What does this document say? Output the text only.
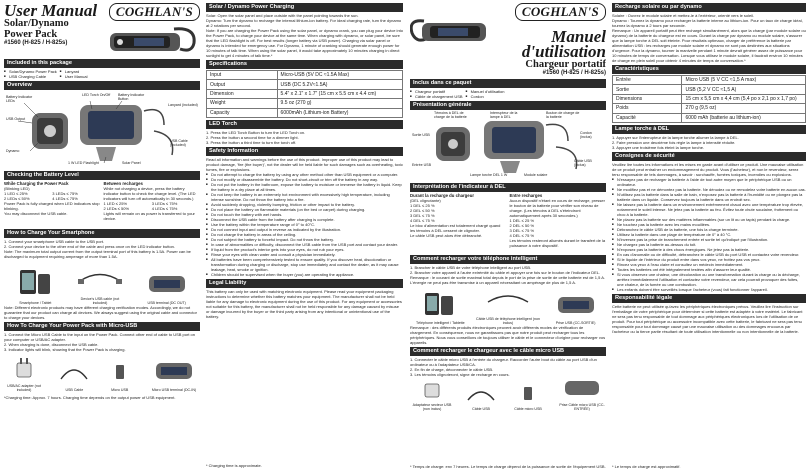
User Manual
Solar/Dynamo
Power Pack
#1560 (H-825 / H-825s)
COGHLAN'S
Included in this package
■ Solar/Dynamo Power Pack
■ USB Charging Cable
■ Lanyard
■ User Manual
Overview
Battery Indicator LEDs
USB Output
LED Torch On/Off	Battery Indicator Button
Lanyard (included)
Dynamo
1 W LED Flashlight
USB Cable (included)
Solar Panel
Checking the Battery Level
While Charging the Power Pack
(Blinking LED)
1 LED ≤ 25%	3 LEDs ≤ 75%
2 LEDs ≤ 50%	4 LEDs ≤ 75%
Power Pack is fully charged when LED indicators stop blinking.
You may disconnect the USB cable.
Between recharges
While not charging a device, press the battery indicator button to check the charge level. (The LED indicators will turn off automatically in 30 seconds.)
1 LED ≤ 25%	3 LEDs ≤ 75%
2 LEDs ≤ 50%	4 LEDs ≤ 75%
Lights will remain on as power is transferred to your device.
How to Charge Your Smartphone
1. Connect your smartphone USB cable to the USB port.
2. Connect your device to the other end of the cable and press once on the LED indicator button.
Note: The maximum total output current from the output terminal port of this battery is 1.5A. Power can be discharged to equipment requiring amperage of more than 1.5A.
Smartphone / Tablet
Device's USB cable (not included)	USB terminal (DC OUT)
Note: Different electronic products may have different charging verification modes. Accordingly, we do not guarantee that our product can charge all devices. We always suggest using the original cable and connector to charge your devices.
How To Charge Your Power Pack with Micro-USB
1. Connect the Micro USB Cable to the input on the Power Pack. Connect other end of cable to USB port on your computer or USB/AC adapter.
2. When charging is done, disconnect the USB cable.
3. Indicator lights will blink, showing that the Power Pack is charging.
USB/AC adapter (not included)	USB Cable	Micro USB	Micro USB terminal (DC-IN)
*Charging time: Approx. 7 hours. Charging time depends on the output power of USB equipment.
Solar / Dynamo Power Charging
Solar: Open the solar panel and place outside with the panel pointing towards the sun.
Dynamo: Turn the dynamo to recharge the internal lithium-ion battery. For ideal charging rate, turn the dynamo at 2 rotations per second.
Note: If you are charging the Power Pack using the solar panel, or dynamo crank, you can plug your device into the Power Pack, to charge your device at the same time. When charging with dynamo, or solar panel, be sure that the LED flashlight is off. For best results (longer battery via USB power). Charging via solar panel or dynamo is intended for emergency use. For Dynamo, 1 minute of cranking should generate enough power for 10 minutes of talk time. When using the solar panel, it would take approximately 10 minutes charging in direct sunlight to get 4 minutes of talk time.*
Specifications
Input	Micro-USB (5V DC ≈1.5A Max)
Output	USB (DC 5.2V≈1.5A)
Dimension	5.4" x 2.1" x 1.7" (15 cm x 5.5 cm x 4.4 cm)
Weight	9.5 oz (270 g)
Capacity	6000mAh (Lithium-ion Battery)
LED Torch
1. Press the LED Torch Button to turn the LED Torch on.
2. Press the button a second time for a dimmer light.
3. Press the button a third time to turn the torch off.
Safety Information
Read all information and warnings before the use of this product. Improper use of this product may lead to product damage, 'fire (the buyer)', not the dealer will be held liable for such damages such as overheating, toxic fumes, fire or explosions.
■ Do not attempt to charge the battery by using any other method other than USB equipment or a computer.
■ Do not modify or disassemble the battery. Do not short-circuit or trim off the battery in any way.
■ Do not put the battery in the bathroom, expose the battery to moisture or immerse the battery in liquid. Keep the battery in a dry place at all times.
■ Do not keep the battery in an extremely hot environment with excessively high temperature, including intense sunshine. Do not throw the battery into a fire.
■ Avoid suddenly dropping, violently bumping, friction or other impact to the battery.
■ Do not place the battery on flammable materials (on the bed or carpet) during charging.
■ Do not touch the battery with wet hands.
■ Disconnect the USB cable from the battery after charging is complete.
■ Use the battery within the temperature range of 0° to 40°C.
■ Do not connect input and output in reverse as indicated by the illustration.
■ Do not charge the battery in areas of the ceiling.
■ Do not subject the battery to forceful impact. Do not throw the battery.
■ In case of abnormalities or difficulty, disconnect the USB cable from the USB port and contact your dealer.
■ If liquid from the product's interior gets into your eyes, do not rub your eyes.
■ Rinse your eyes with clean water and consult a physician immediately.
■ All batteries have been comprehensively tested to ensure quality. If you discover heat, discoloration or transformation during charging or discharge, stop use immediately and contact the dealer, as it may cause leakage, heat, smoke or ignition.
■ Children should be supervised when the buyer (you) are operating the appliance.
Legal Liability
This battery can only be used with matching electronic equipment. Please read your equipment packaging instructions to determine whether this battery matches your equipment. The manufacturer shall not be held liable for any damage to electronic equipment during the use of this product. For any equipment or accessories not suitable for this battery, the manufacturer shall not be held responsible for any damage caused by misuse or damage incurred by the buyer or the third party arising from any intentional or unintentional use of the battery.
* Charging time is approximate.
COGHLAN'S
Manuel
d'utilisation
Chargeur portatif
#1560 (H-825 / H-825s)
Inclus dans ce paquet
■ Chargeur portatif
■ Câble de chargement USB
■ Manuel d'utilisation
■ Cordon
Présentation générale
Témoins à DEL de charge de la batterie
Interrupteur de la lampe à DEL
Bouton de charge de la batterie
Sortie USB	Cordon (inclus)
Câble USB (inclus)
Entrée USB
Lampe torche DEL 1 W	Module solaire
Interprétation de l'indicateur à DEL
Durant la recharge du chargeur
(DEL clignotante)
1 DEL ≤ 25 %
2 DEL ≤ 50 %
3 DEL ≤ 75 %
4 DEL ≤ 75 %
Le bloc d'alimentation est totalement chargé quand les témoins à DEL cessent de clignoter.
Le câble USB peut alors être débranché.
Entre recharges
Aucun dispositif n'étant en cours de recharge, presser le bouton de la batterie pour vérifier son niveau de charge. (Les témoins à DEL s'éteindront automatiquement après 30 secondes.)
1 DEL ≤ 25 %
2 DEL ≤ 50 %
3 DEL ≤ 75 %
4 DEL ≤ 75 %
Les témoins resteront allumés durant le transfert de la puissance à votre dispositif.
Comment recharger votre téléphone intelligent
1. Brancher le câble USB de votre téléphone intelligent au port USB.
2. Brancher votre appareil à l'autre extrémité du câble et appuyer une fois sur le bouton de l'indicateur DEL.
Remarque : le courant de sortie maximal total depuis le port de la prise de sortie de cette batterie est de 1,5 A. L'énergie ne peut pas être transmise à un appareil nécessitant un ampérage de plus de 1,5 A.
Téléphone intelligent / Tablette
Câble USB de téléphone intelligent (non inclus)	Prise USB (CC-SORTIE)
Remarque : des différents produits électroniques peuvent avoir différents modes de vérification de chargement. En conséquence, nous ne garantissons pas que notre produit peut recharger tous les périphériques. Nous vous conseillons de toujours utiliser le câble et le connecteur d'origine pour recharger vos appareils.
Comment recharger le chargeur avec le câble micro USB
1. Connecter le câble micro USB à l'entrée du chargeur. Raccorder l'autre bout du câble au port USB d'un ordinateur ou à l'adaptateur USB/CA.
2. En fin de charge, déconnecter le câble USB.
3. Les témoins clignoteront, signe de recharge en cours.
Adaptateur secteur USB (non inclus)	Câble USB	Câble micro USB
Prise Câble micro USB (CC-ENTRÉE)
* Temps de charge: env 7 heures. Le temps de charge dépend de la puissance de sortie de l'équipement USB.
Recharge solaire ou par dynamo
Solaire : Ouvrez le module solaire et mettez-le à l'extérieur, orienté vers le soleil.
Dynamo : Tournez la dynamo pour recharger la batterie interne au lithium-ion. Pour un taux de charge idéal, tournez la dynamo à 2 tours par seconde.
Remarque : Un appareil portatif peut être rechargé simultanément, alors que la charge (par module solaire ou dynamo) de la batterie du chargeur est en cours. Durant la charge par dynamo ou module solaire, s'assurer que la lampe torche à DEL soit éteinte. Pour résultats optimaux, charger de préférence la batterie par alimentation USB : les recharges par module solaire et dynamo ne sont pas destinées aux situations d'urgence. Pour la dynamo, tourner la manivelle pendant 1 minute devrait générer assez de puissance pour 10 minutes de temps de conversation. Lorsque vous utilisez le module solaire, il faudrait environ 10 minutes de charge en plein soleil pour obtenir 4 minutes de temps de conversation.*
Caractéristiques
Entrée	Micro USB (5 V CC ≈1,5 A max)
Sortie	USB (5,2 V CC ≈1,5 A)
Dimensions	15 cm x 5,5 cm x 4,4 cm (5,4 po x 2,1 po x 1,7 po)
Poids	270 g (9,5 oz)
Capacité	6000 mAh (batterie au lithium-ion)
Lampe torche à DEL
1. Appuyer sur l'interrupteur de la lampe torche allumer la lampe à DEL.
2. Faire pression une deuxième fois régle la lampe à intensité réduite.
3. Appuyer une troisième fois éteint la lampe torche.
Consignes de sécurité
Veuillez lire toutes les informations et les mises en garde avant d'utiliser ce produit. Une mauvaise utilisation de ce produit peut entraîner un endommagement du produit. Vous (l'acheteur), et non le revendeur, serez tenu responsable de tels dommages, à savoir : surchauffe, fumées toxiques, incendies ou explosions.
■ N'essayez pas de recharger la batterie à l'aide de tout autre moyen que le périphérique USB ou un ordinateur.
■ Ne modifiez pas et ne démontez pas la batterie. Ne dénudez ou ne remodelez votre batterie en aucun cas.
■ N'utilisez pas la batterie dans la salle de bain, n'exposez pas la batterie à l'humidité ou ne plongez pas la batterie dans un liquide. Conservez toujours la batterie dans un endroit sec.
■ Ne laissez pas la batterie dans un environnement extrêmement chaud avec une température trop élevée, notamment le soleil intense. Ne jetez pas la batterie au feu. Évitez toute chute soudaine, frottement ou choc à la batterie.
■ Ne placez pas la batterie sur des matières inflammables (sur un lit ou un tapis) pendant la charge.
■ Ne touchez pas la batterie avec les mains mouillées.
■ Débranchez le câble USB de la batterie, une fois la charge terminée.
■ Utilisez la batterie dans une plage de température de 0° à 40 °C.
■ N'inversez pas la prise de branchement entrée et sortie tel qu'indiqué par l'illustration.
■ Ne chargez pas la batterie au-dessus du toit.
■ N'exposez pas la batterie à des chocs énergiques. Ne jetez pas la batterie.
■ En cas d'anomalie ou de difficulté, débranchez le câble USB du port USB et contactez votre revendeur.
■ Si le liquide de l'intérieur du produit entre dans vos yeux, ne frottez pas vos yeux.
■ Rincez vos yeux à l'eau claire et consultez un médecin immédiatement.
■ Toutes les batteries ont été intégralement testées afin d'assurer leur qualité.
■ Si vous observez une chaleur, une décoloration ou une transformation durant la charge ou la décharge, arrêtez immédiatement l'utilisation et contactez votre revendeur, car cela pourrait provoquer des fuites, une chaleur, de la fumée ou une combustion.
■ Les enfants doivent être surveillés lorsque l'acheteur (vous) fait fonctionner l'appareil.
Responsabilité légale
Cette batterie ne peut utilisée qu'avec les périphériques électroniques prévus. Veuillez lire l'instruction sur l'emballage de votre périphérique pour déterminer si cette batterie est adaptée à votre matériel. Le fabricant ne sera pas tenu responsable de tout dommage aux périphériques électroniques lors de l'utilisation de ce produit. Pour tout périphérique ou accessoire incompatible avec cette batterie, le fabricant ne sera pas tenu responsable pour tout dommage causé par une mauvaise utilisation ou des dommages encourus par l'acheteur ou la tierce partie résultant de toute utilisation intentionnelle ou non intentionnelle de la batterie.
* Le temps de charge est approximatif.
